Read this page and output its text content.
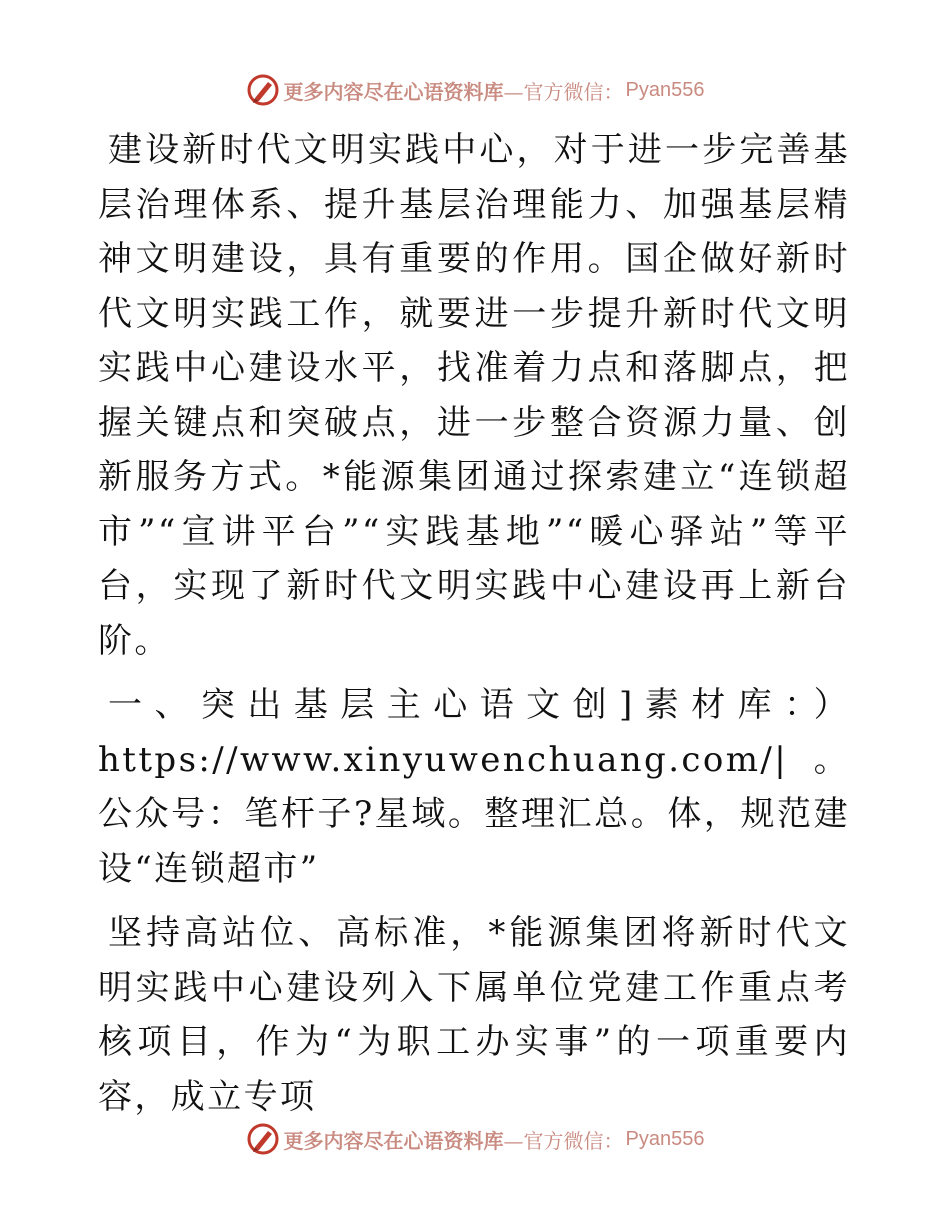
更多内容尽在心语资料库 —官方微信： Pyan556

建设新时代文明实践中心，对于进一步完善基层治理体系、提升基层治理能力、加强基层精神文明建设，具有重要的作用。国企做好新时代文明实践工作，就要进一步提升新时代文明实践中心建设水平，找准着力点和落脚点，把握关键点和突破点，进一步整合资源力量、创新服务方式。*能源集团通过探索建立“连锁超市”“宣讲平台”“实践基地”“暖心驿站”等平台，实现了新时代文明实践中心建设再上新台阶。

一、突出基层主心语文创]素材库：）https://www.xinyuwenchuang.com/|。公众号：笔杆子?星域。整理汇总。体，规范建设“连锁超市”

坚持高站位、高标准，*能源集团将新时代文明实践中心建设列入下属单位党建工作重点考核项目，作为“为职工办实事”的一项重要内容，成立专项

更多内容尽在心语资料库 —官方微信： Pyan556
